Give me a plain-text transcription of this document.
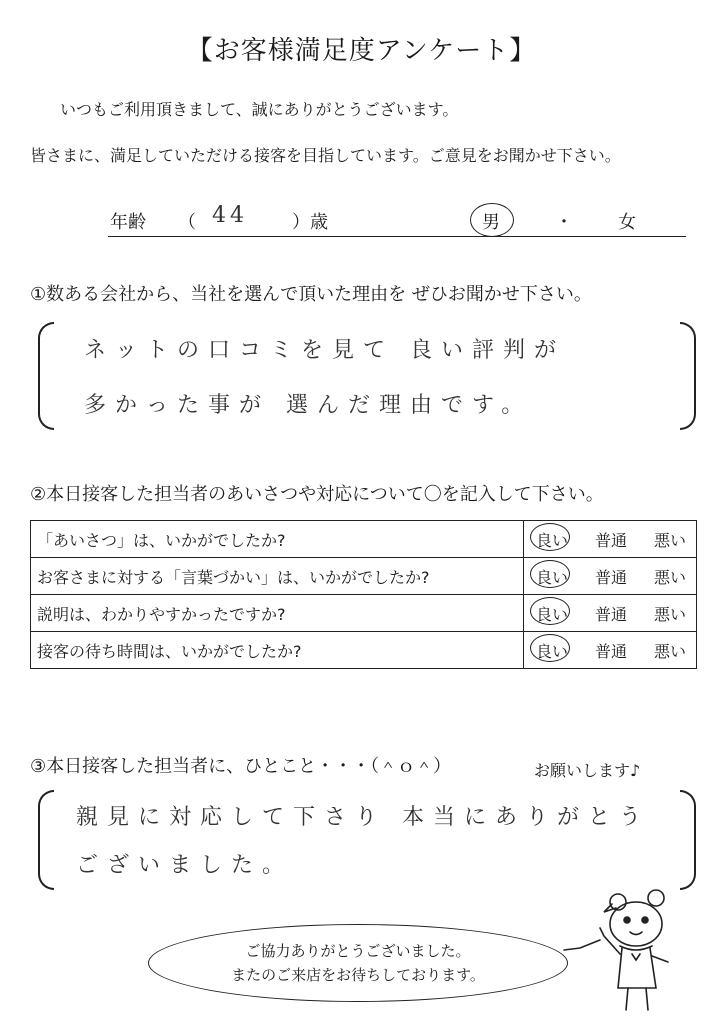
【お客様満足度アンケート】
いつもご利用頂きまして、誠にありがとうございます。
皆さまに、満足していただける接客を目指しています。ご意見をお聞かせ下さい。
年齢 （ 44 ）歳	男	・	女
①数ある会社から、当社を選んで頂いた理由を ぜひお聞かせ下さい。
ネットの口コミを見て 良い評判が
多かった事が 選んだ理由です。
②本日接客した担当者のあいさつや対応について〇を記入して下さい。
「あいさつ」は、いかがでしたか?	良い 普通 悪い

お客さまに対する「言葉づかい」は、いかがでしたか?	良い 普通 悪い

説明は、わかりやすかったですか?	良い 普通 悪い

接客の待ち時間は、いかがでしたか?	良い 普通 悪い
③本日接客した担当者に、ひとこと・・・（＾ｏ＾）	お願いします♪
親見に対応して下さり 本当にありがとう
ございました。
ご協力ありがとうございました。
またのご来店をお待ちしております。
